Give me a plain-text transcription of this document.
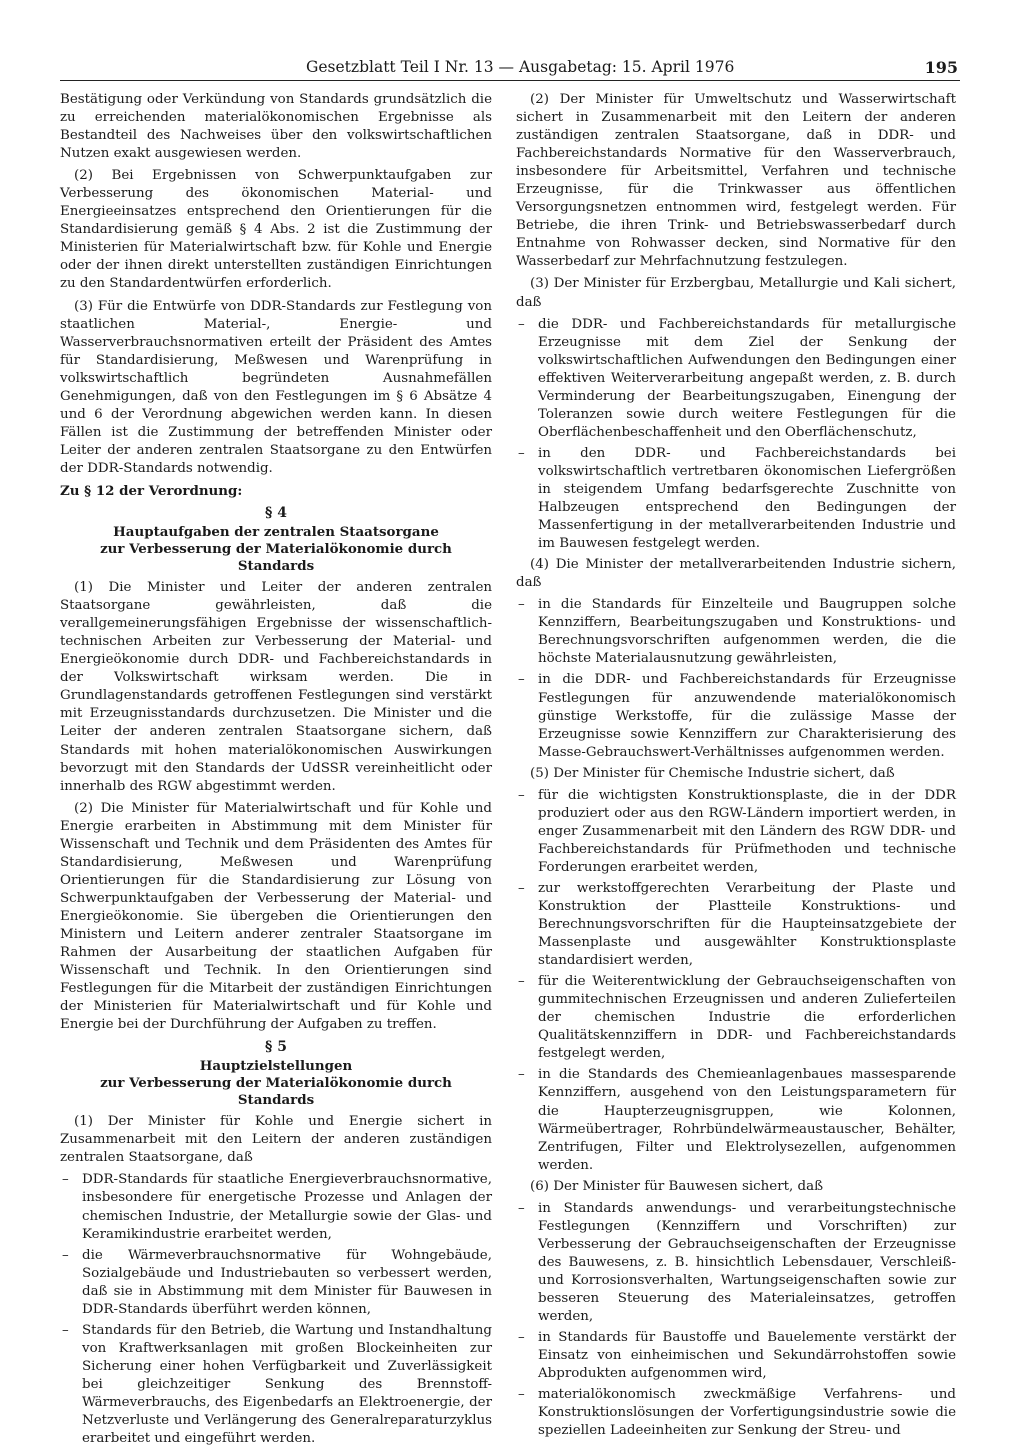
Gesetzblatt Teil I Nr. 13 — Ausgabetag: 15. April 1976	195

Bestätigung oder Verkündung von Standards grundsätzlich die zu erreichenden materialökonomischen Ergebnisse als Bestandteil des Nachweises über den volkswirtschaftlichen Nutzen exakt ausgewiesen werden.

(2) Bei Ergebnissen von Schwerpunktaufgaben zur Verbesserung des ökonomischen Material- und Energieeinsatzes entsprechend den Orientierungen für die Standardisierung gemäß § 4 Abs. 2 ist die Zustimmung der Ministerien für Materialwirtschaft bzw. für Kohle und Energie oder der ihnen direkt unterstellten zuständigen Einrichtungen zu den Standardentwürfen erforderlich.

(3) Für die Entwürfe von DDR-Standards zur Festlegung von staatlichen Material-, Energie- und Wasserverbrauchsnormativen erteilt der Präsident des Amtes für Standardisierung, Meßwesen und Warenprüfung in volkswirtschaftlich begründeten Ausnahmefällen Genehmigungen, daß von den Festlegungen im § 6 Absätze 4 und 6 der Verordnung abgewichen werden kann. In diesen Fällen ist die Zustimmung der betreffenden Minister oder Leiter der anderen zentralen Staatsorgane zu den Entwürfen der DDR-Standards notwendig.

Zu § 12 der Verordnung:

§ 4
Hauptaufgaben der zentralen Staatsorgane
zur Verbesserung der Materialökonomie durch Standards

(1) Die Minister und Leiter der anderen zentralen Staatsorgane gewährleisten, daß die verallgemeinerungsfähigen Ergebnisse der wissenschaftlich-technischen Arbeiten zur Verbesserung der Material- und Energieökonomie durch DDR- und Fachbereichstandards in der Volkswirtschaft wirksam werden. Die in Grundlagenstandards getroffenen Festlegungen sind verstärkt mit Erzeugnisstandards durchzusetzen. Die Minister und die Leiter der anderen zentralen Staatsorgane sichern, daß Standards mit hohen materialökonomischen Auswirkungen bevorzugt mit den Standards der UdSSR vereinheitlicht oder innerhalb des RGW abgestimmt werden.

(2) Die Minister für Materialwirtschaft und für Kohle und Energie erarbeiten in Abstimmung mit dem Minister für Wissenschaft und Technik und dem Präsidenten des Amtes für Standardisierung, Meßwesen und Warenprüfung Orientierungen für die Standardisierung zur Lösung von Schwerpunktaufgaben der Verbesserung der Material- und Energieökonomie. Sie übergeben die Orientierungen den Ministern und Leitern anderer zentraler Staatsorgane im Rahmen der Ausarbeitung der staatlichen Aufgaben für Wissenschaft und Technik. In den Orientierungen sind Festlegungen für die Mitarbeit der zuständigen Einrichtungen der Ministerien für Materialwirtschaft und für Kohle und Energie bei der Durchführung der Aufgaben zu treffen.

§ 5
Hauptzielstellungen
zur Verbesserung der Materialökonomie durch Standards

(1) Der Minister für Kohle und Energie sichert in Zusammenarbeit mit den Leitern der anderen zuständigen zentralen Staatsorgane, daß

– DDR-Standards für staatliche Energieverbrauchsnormative, insbesondere für energetische Prozesse und Anlagen der chemischen Industrie, der Metallurgie sowie der Glas- und Keramikindustrie erarbeitet werden,
– die Wärmeverbrauchsnormative für Wohngebäude, Sozialgebäude und Industriebauten so verbessert werden, daß sie in Abstimmung mit dem Minister für Bauwesen in DDR-Standards überführt werden können,
– Standards für den Betrieb, die Wartung und Instandhaltung von Kraftwerksanlagen mit großen Blockeinheiten zur Sicherung einer hohen Verfügbarkeit und Zuverlässigkeit bei gleichzeitiger Senkung des Brennstoff-Wärmeverbrauchs, des Eigenbedarfs an Elektroenergie, der Netzverluste und Verlängerung des Generalreparaturzyklus erarbeitet und eingeführt werden.

(2) Der Minister für Umweltschutz und Wasserwirtschaft sichert in Zusammenarbeit mit den Leitern der anderen zuständigen zentralen Staatsorgane, daß in DDR- und Fachbereichstandards Normative für den Wasserverbrauch, insbesondere für Arbeitsmittel, Verfahren und technische Erzeugnisse, für die Trinkwasser aus öffentlichen Versorgungsnetzen entnommen wird, festgelegt werden. Für Betriebe, die ihren Trink- und Betriebswasserbedarf durch Entnahme von Rohwasser decken, sind Normative für den Wasserbedarf zur Mehrfachnutzung festzulegen.

(3) Der Minister für Erzbergbau, Metallurgie und Kali sichert, daß

– die DDR- und Fachbereichstandards für metallurgische Erzeugnisse mit dem Ziel der Senkung der volkswirtschaftlichen Aufwendungen den Bedingungen einer effektiven Weiterverarbeitung angepaßt werden, z. B. durch Verminderung der Bearbeitungszugaben, Einengung der Toleranzen sowie durch weitere Festlegungen für die Oberflächenbeschaffenheit und den Oberflächenschutz,
– in den DDR- und Fachbereichstandards bei volkswirtschaftlich vertretbaren ökonomischen Liefergrößen in steigendem Umfang bedarfsgerechte Zuschnitte von Halbzeugen entsprechend den Bedingungen der Massenfertigung in der metallverarbeitenden Industrie und im Bauwesen festgelegt werden.

(4) Die Minister der metallverarbeitenden Industrie sichern, daß

– in die Standards für Einzelteile und Baugruppen solche Kennziffern, Bearbeitungszugaben und Konstruktions- und Berechnungsvorschriften aufgenommen werden, die die höchste Materialausnutzung gewährleisten,
– in die DDR- und Fachbereichstandards für Erzeugnisse Festlegungen für anzuwendende materialökonomisch günstige Werkstoffe, für die zulässige Masse der Erzeugnisse sowie Kennziffern zur Charakterisierung des Masse-Gebrauchswert-Verhältnisses aufgenommen werden.

(5) Der Minister für Chemische Industrie sichert, daß

– für die wichtigsten Konstruktionsplaste, die in der DDR produziert oder aus den RGW-Ländern importiert werden, in enger Zusammenarbeit mit den Ländern des RGW DDR- und Fachbereichstandards für Prüfmethoden und technische Forderungen erarbeitet werden,
– zur werkstoffgerechten Verarbeitung der Plaste und Konstruktion der Plastteile Konstruktions- und Berechnungsvorschriften für die Haupteinsatzgebiete der Massenplaste und ausgewählter Konstruktionsplaste standardisiert werden,
– für die Weiterentwicklung der Gebrauchseigenschaften von gummitechnischen Erzeugnissen und anderen Zulieferteilen der chemischen Industrie die erforderlichen Qualitätskennziffern in DDR- und Fachbereichstandards festgelegt werden,
– in die Standards des Chemieanlagenbaues massesparende Kennziffern, ausgehend von den Leistungsparametern für die Haupterzeugnisgruppen, wie Kolonnen, Wärmeübertrager, Rohrbündelwärmeaustauscher, Behälter, Zentrifugen, Filter und Elektrolysezellen, aufgenommen werden.

(6) Der Minister für Bauwesen sichert, daß

– in Standards anwendungs- und verarbeitungstechnische Festlegungen (Kennziffern und Vorschriften) zur Verbesserung der Gebrauchseigenschaften der Erzeugnisse des Bauwesens, z. B. hinsichtlich Lebensdauer, Verschleiß- und Korrosionsverhalten, Wartungseigenschaften sowie zur besseren Steuerung des Materialeinsatzes, getroffen werden,
– in Standards für Baustoffe und Bauelemente verstärkt der Einsatz von einheimischen und Sekundärrohstoffen sowie Abprodukten aufgenommen wird,
– materialökonomisch zweckmäßige Verfahrens- und Konstruktionslösungen der Vorfertigungsindustrie sowie die speziellen Ladeeinheiten zur Senkung der Streu- und
